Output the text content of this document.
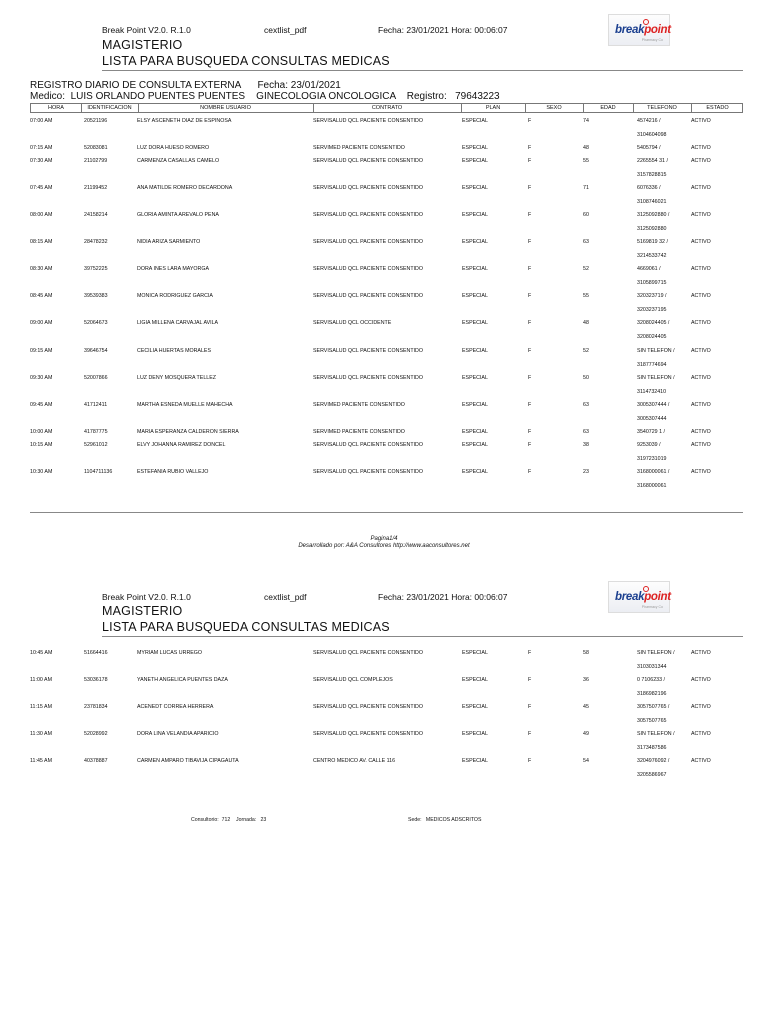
Break Point V2.0. R.1.0	cextlist_pdf	Fecha: 23/01/2021 Hora: 00:06:07
MAGISTERIO
LISTA PARA BUSQUEDA CONSULTAS MEDICAS
breakpoint
Pharmacy Co
REGISTRO DIARIO DE CONSULTA EXTERNA      Fecha: 23/01/2021
Medico:  LUIS ORLANDO PUENTES PUENTES    GINECOLOGIA ONCOLOGICA    Registro:   79643223
HORA	IDENTIFICACION	NOMBRE USUARIO	CONTRATO	PLAN	SEXO	EDAD	TELEFONO	ESTADO
07:00 AM	20521196	ELSY ASCENETH DIAZ DE ESPINOSA	SERVISALUD QCL PACIENTE CONSENTIDO	ESPECIAL	F	74	4574216 /	ACTIVO
3104604098
07:15 AM	52083081	LUZ DORA HUESO ROMERO	SERVIMED PACIENTE CONSENTIDO	ESPECIAL	F	48	5405794 /	ACTIVO
07:30 AM	21102799	CARMENZA CASALLAS CAMELO	SERVISALUD QCL PACIENTE CONSENTIDO	ESPECIAL	F	55	2265554 31 /	ACTIVO
3157828815
07:45 AM	21199452	ANA MATILDE ROMERO DECARDONA	SERVISALUD QCL PACIENTE CONSENTIDO	ESPECIAL	F	71	6076336 /	ACTIVO
3108746021
08:00 AM	24158214	GLORIA AMINTA AREVALO PENA	SERVISALUD QCL PACIENTE CONSENTIDO	ESPECIAL	F	60	3125092880 /	ACTIVO
3125092880
08:15 AM	28478232	NIDIA ARIZA SARMIENTO	SERVISALUD QCL PACIENTE CONSENTIDO	ESPECIAL	F	63	5169819 32 /	ACTIVO
3214533742
08:30 AM	39752225	DORA INES LARA MAYORGA	SERVISALUD QCL PACIENTE CONSENTIDO	ESPECIAL	F	52	4669061 /	ACTIVO
3105899715
08:45 AM	39539383	MONICA RODRIGUEZ GARCIA	SERVISALUD QCL PACIENTE CONSENTIDO	ESPECIAL	F	55	320323719 /	ACTIVO
3203237195
09:00 AM	52064673	LIGIA MILLENA CARVAJAL AVILA	SERVISALUD QCL OCCIDENTE	ESPECIAL	F	48	3208024405 /	ACTIVO
3208024405
09:15 AM	39646754	CECILIA HUERTAS MORALES	SERVISALUD QCL PACIENTE CONSENTIDO	ESPECIAL	F	52	SIN TELEFON /	ACTIVO
3187774694
09:30 AM	52007866	LUZ DENY MOSQUERA TELLEZ	SERVISALUD QCL PACIENTE CONSENTIDO	ESPECIAL	F	50	SIN TELEFON /	ACTIVO
3114732410
09:45 AM	41712411	MARTHA ESNEDA MUELLE MAHECHA	SERVIMED PACIENTE CONSENTIDO	ESPECIAL	F	63	3005307444 /	ACTIVO
3005307444
10:00 AM	41787775	MARIA ESPERANZA CALDERON SIERRA	SERVIMED PACIENTE CONSENTIDO	ESPECIAL	F	63	3540729 1 /	ACTIVO
10:15 AM	52961012	ELVY JOHANNA RAMIREZ DONCEL	SERVISALUD QCL PACIENTE CONSENTIDO	ESPECIAL	F	38	9253039 /	ACTIVO
3197231019
10:30 AM	1104711136	ESTEFANIA RUBIO VALLEJO	SERVISALUD QCL PACIENTE CONSENTIDO	ESPECIAL	F	23	3168000061 /	ACTIVO
3168000061
Pagina1/4
Desarrollado por: A&A Consultores http://www.aaconsultores.net
Break Point V2.0. R.1.0	cextlist_pdf	Fecha: 23/01/2021 Hora: 00:06:07
MAGISTERIO
LISTA PARA BUSQUEDA CONSULTAS MEDICAS
breakpoint
Pharmacy Co
10:45 AM	51664416	MYRIAM LUCAS URREGO	SERVISALUD QCL PACIENTE CONSENTIDO	ESPECIAL	F	58	SIN TELEFON /	ACTIVO
3103031344
11:00 AM	53036178	YANETH ANGELICA PUENTES DAZA	SERVISALUD QCL COMPLEJOS	ESPECIAL	F	36	0 7106233 /	ACTIVO
3186982196
11:15 AM	23781834	ACENEDT CORREA HERRERA	SERVISALUD QCL PACIENTE CONSENTIDO	ESPECIAL	F	45	3057507765 /	ACTIVO
3057507765
11:30 AM	52028992	DORA LINA VELANDIA APARICIO	SERVISALUD QCL PACIENTE CONSENTIDO	ESPECIAL	F	49	SIN TELEFON /	ACTIVO
3173487586
11:45 AM	40378887	CARMEN AMPARO TIBAVIJA CIPAGAUTA	CENTRO MEDICO AV. CALLE 116	ESPECIAL	F	54	3204976092 /	ACTIVO
3205586967
Consultorio:  712    Jornada:   23	Sede:   MEDICOS ADSCRITOS
